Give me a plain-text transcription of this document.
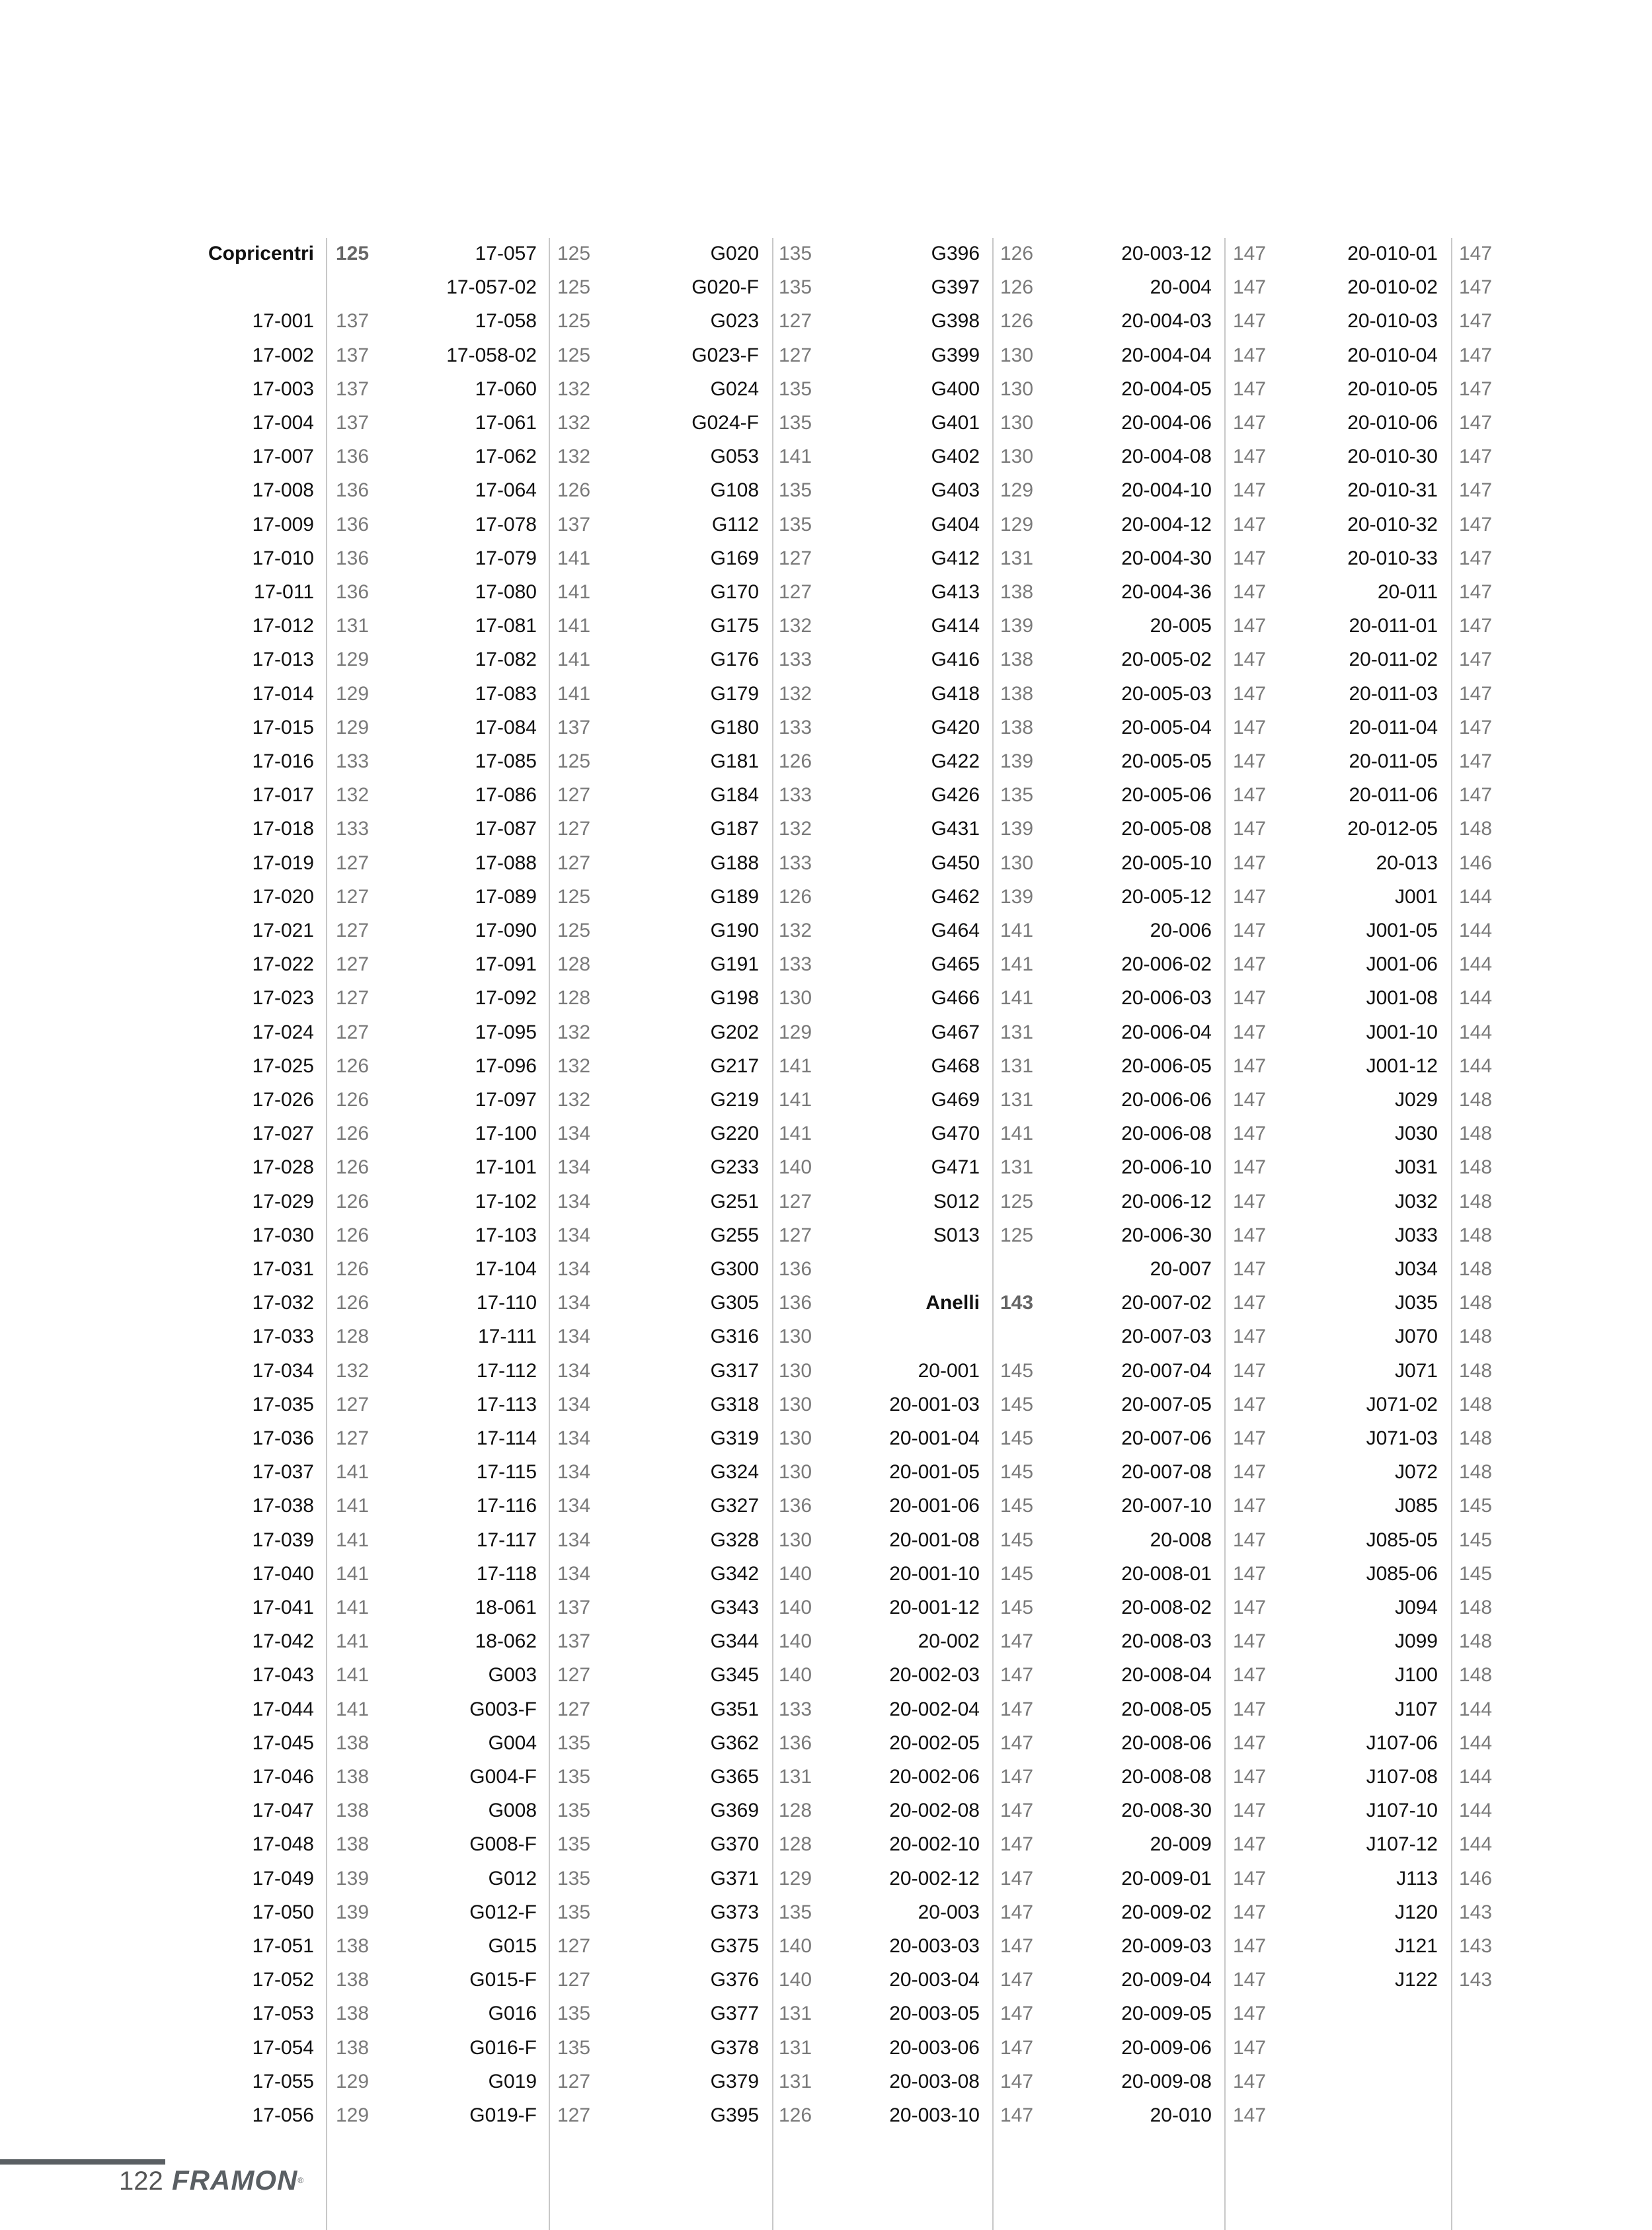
Copricentri 125
17-001 137
17-002 137
17-003 137
17-004 137
17-007 136
17-008 136
17-009 136
17-010 136
17-011 136
17-012 131
17-013 129
17-014 129
17-015 129
17-016 133
17-017 132
17-018 133
17-019 127
17-020 127
17-021 127
17-022 127
17-023 127
17-024 127
17-025 126
17-026 126
17-027 126
17-028 126
17-029 126
17-030 126
17-031 126
17-032 126
17-033 128
17-034 132
17-035 127
17-036 127
17-037 141
17-038 141
17-039 141
17-040 141
17-041 141
17-042 141
17-043 141
17-044 141
17-045 138
17-046 138
17-047 138
17-048 138
17-049 139
17-050 139
17-051 138
17-052 138
17-053 138
17-054 138
17-055 129
17-056 129
17-057 125
17-057-02 125
17-058 125
17-058-02 125
17-060 132
17-061 132
17-062 132
17-064 126
17-078 137
17-079 141
17-080 141
17-081 141
17-082 141
17-083 141
17-084 137
17-085 125
17-086 127
17-087 127
17-088 127
17-089 125
17-090 125
17-091 128
17-092 128
17-095 132
17-096 132
17-097 132
17-100 134
17-101 134
17-102 134
17-103 134
17-104 134
17-110 134
17-111 134
17-112 134
17-113 134
17-114 134
17-115 134
17-116 134
17-117 134
17-118 134
18-061 137
18-062 137
G003 127
G003-F 127
G004 135
G004-F 135
G008 135
G008-F 135
G012 135
G012-F 135
G015 127
G015-F 127
G016 135
G016-F 135
G019 127
G019-F 127
G020 135
G020-F 135
G023 127
G023-F 127
G024 135
G024-F 135
G053 141
G108 135
G112 135
G169 127
G170 127
G175 132
G176 133
G179 132
G180 133
G181 126
G184 133
G187 132
G188 133
G189 126
G190 132
G191 133
G198 130
G202 129
G217 141
G219 141
G220 141
G233 140
G251 127
G255 127
G300 136
G305 136
G316 130
G317 130
G318 130
G319 130
G324 130
G327 136
G328 130
G342 140
G343 140
G344 140
G345 140
G351 133
G362 136
G365 131
G369 128
G370 128
G371 129
G373 135
G375 140
G376 140
G377 131
G378 131
G379 131
G395 126
G396 126
G397 126
G398 126
G399 130
G400 130
G401 130
G402 130
G403 129
G404 129
G412 131
G413 138
G414 139
G416 138
G418 138
G420 138
G422 139
G426 135
G431 139
G450 130
G462 139
G464 141
G465 141
G466 141
G467 131
G468 131
G469 131
G470 141
G471 131
S012 125
S013 125
Anelli 143
20-001 145
20-001-03 145
20-001-04 145
20-001-05 145
20-001-06 145
20-001-08 145
20-001-10 145
20-001-12 145
20-002 147
20-002-03 147
20-002-04 147
20-002-05 147
20-002-06 147
20-002-08 147
20-002-10 147
20-002-12 147
20-003 147
20-003-03 147
20-003-04 147
20-003-05 147
20-003-06 147
20-003-08 147
20-003-10 147
20-003-12 147
20-004 147
20-004-03 147
20-004-04 147
20-004-05 147
20-004-06 147
20-004-08 147
20-004-10 147
20-004-12 147
20-004-30 147
20-004-36 147
20-005 147
20-005-02 147
20-005-03 147
20-005-04 147
20-005-05 147
20-005-06 147
20-005-08 147
20-005-10 147
20-005-12 147
20-006 147
20-006-02 147
20-006-03 147
20-006-04 147
20-006-05 147
20-006-06 147
20-006-08 147
20-006-10 147
20-006-12 147
20-006-30 147
20-007 147
20-007-02 147
20-007-03 147
20-007-04 147
20-007-05 147
20-007-06 147
20-007-08 147
20-007-10 147
20-008 147
20-008-01 147
20-008-02 147
20-008-03 147
20-008-04 147
20-008-05 147
20-008-06 147
20-008-08 147
20-008-30 147
20-009 147
20-009-01 147
20-009-02 147
20-009-03 147
20-009-04 147
20-009-05 147
20-009-06 147
20-009-08 147
20-010 147
20-010-01 147
20-010-02 147
20-010-03 147
20-010-04 147
20-010-05 147
20-010-06 147
20-010-30 147
20-010-31 147
20-010-32 147
20-010-33 147
20-011 147
20-011-01 147
20-011-02 147
20-011-03 147
20-011-04 147
20-011-05 147
20-011-06 147
20-012-05 148
20-013 146
J001 144
J001-05 144
J001-06 144
J001-08 144
J001-10 144
J001-12 144
J029 148
J030 148
J031 148
J032 148
J033 148
J034 148
J035 148
J070 148
J071 148
J071-02 148
J071-03 148
J072 148
J085 145
J085-05 145
J085-06 145
J094 148
J099 148
J100 148
J107 144
J107-06 144
J107-08 144
J107-10 144
J107-12 144
J113 146
J120 143
J121 143
J122 143
122 FRAMON®
